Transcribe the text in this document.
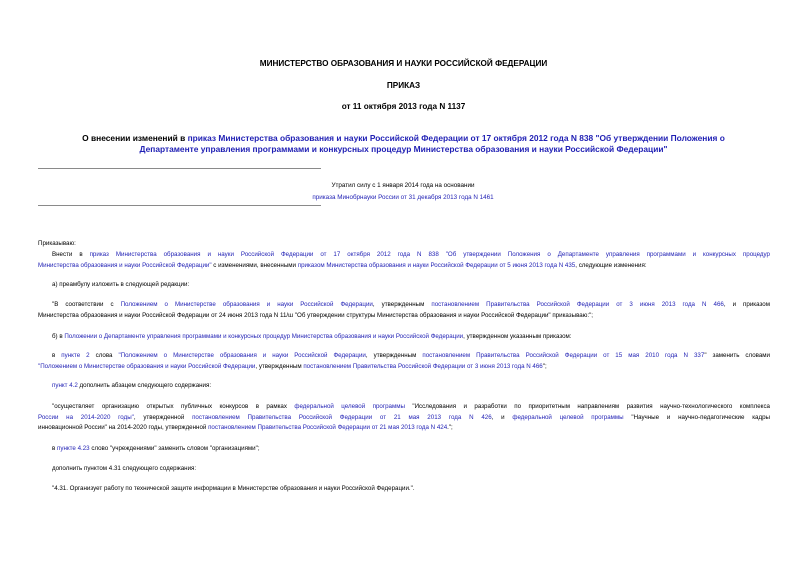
МИНИСТЕРСТВО ОБРАЗОВАНИЯ И НАУКИ РОССИЙСКОЙ ФЕДЕРАЦИИ
ПРИКАЗ
от 11 октября 2013 года N 1137
О внесении изменений в приказ Министерства образования и науки Российской Федерации от 17 октября 2012 года N 838 "Об утверждении Положения о
Департаменте управления программами и конкурсных процедур Министерства образования и науки Российской Федерации"
Утратил силу с 1 января 2014 года на основании
приказа Минобрнауки России от 31 декабря 2013 года N 1461
Приказываю:
Внести в приказ Министерства образования и науки Российской Федерации от 17 октября 2012 года N 838 "Об утверждении Положения о Департаменте управления программами и конкурсных процедур
Министерства образования и науки Российской Федерации" с изменениями, внесенными приказом Министерства образования и науки Российской Федерации от 5 июня 2013 года N 435, следующие изменения:
а) преамбулу изложить в следующей редакции:
"В соответствии с Положением о Министерстве образования и науки Российской Федерации, утвержденным постановлением Правительства Российской Федерации от 3 июня 2013 года N 466, и приказом
Министерства образования и науки Российской Федерации от 24 июня 2013 года N 11/ш "Об утверждении структуры Министерства образования и науки Российской Федерации" приказываю:";
б) в Положении о Департаменте управления программами и конкурсных процедур Министерства образования и науки Российской Федерации, утвержденном указанным приказом:
в пункте 2 слова "Положением о Министерстве образования и науки Российской Федерации, утвержденным постановлением Правительства Российской Федерации от 15 мая 2010 года N 337" заменить словами
"Положением о Министерстве образования и науки Российской Федерации, утвержденным постановлением Правительства Российской Федерации от 3 июня 2013 года N 466";
пункт 4.2 дополнить абзацем следующего содержания:
"осуществляет организацию открытых публичных конкурсов в рамках федеральной целевой программы "Исследования и разработки по приоритетным направлениям развития научно-технологического комплекса
России на 2014-2020 годы", утвержденной постановлением Правительства Российской Федерации от 21 мая 2013 года N 426, и федеральной целевой программы "Научные и научно-педагогические кадры
инновационной России" на 2014-2020 годы, утвержденной постановлением Правительства Российской Федерации от 21 мая 2013 года N 424.";
в пункте 4.23 слово "учреждениями" заменить словом "организациями";
дополнить пунктом 4.31 следующего содержания:
"4.31. Организует работу по технической защите информации в Министерстве образования и науки Российской Федерации.".
